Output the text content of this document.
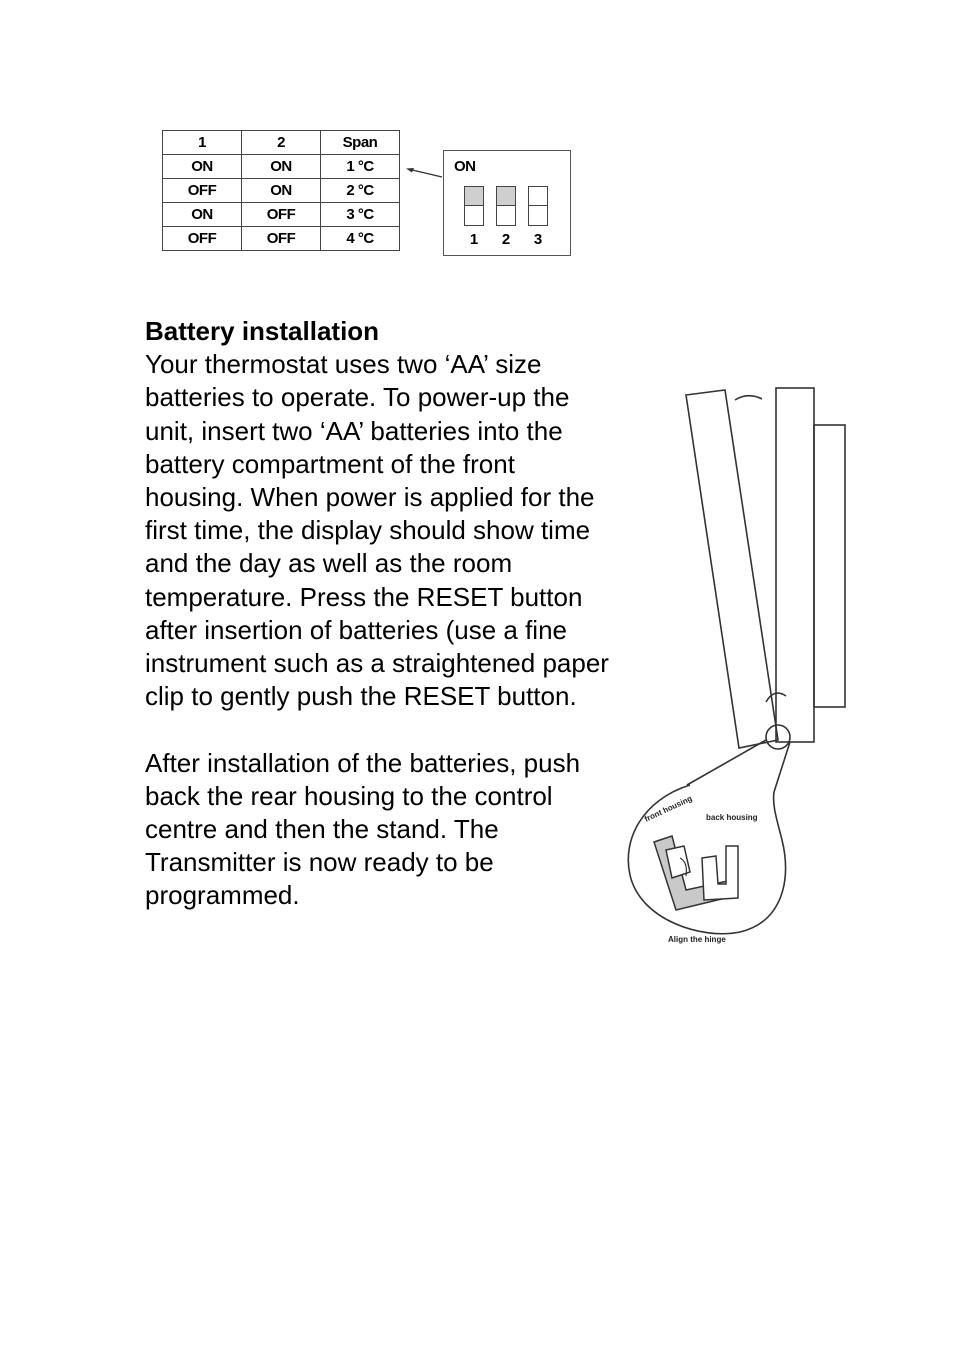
1	2	Span
ON	ON	1 °C
OFF	ON	2 °C
ON	OFF	3 °C
OFF	OFF	4 °C
ON
1	2	3
Battery installation

Your thermostat uses two ‘AA’ size batteries to operate. To power-up the unit, insert two ‘AA’ batteries into the battery compartment of the front housing. When power is applied for the first time, the display should show time and the day as well as the room temperature. Press the RESET button after insertion of batteries (use a fine instrument such as a straightened paper clip to gently push the RESET button.

After installation of the batteries, push back the rear housing to the control centre and then the stand. The Transmitter is now ready to be programmed.

front housing back housing
Align the hinge
